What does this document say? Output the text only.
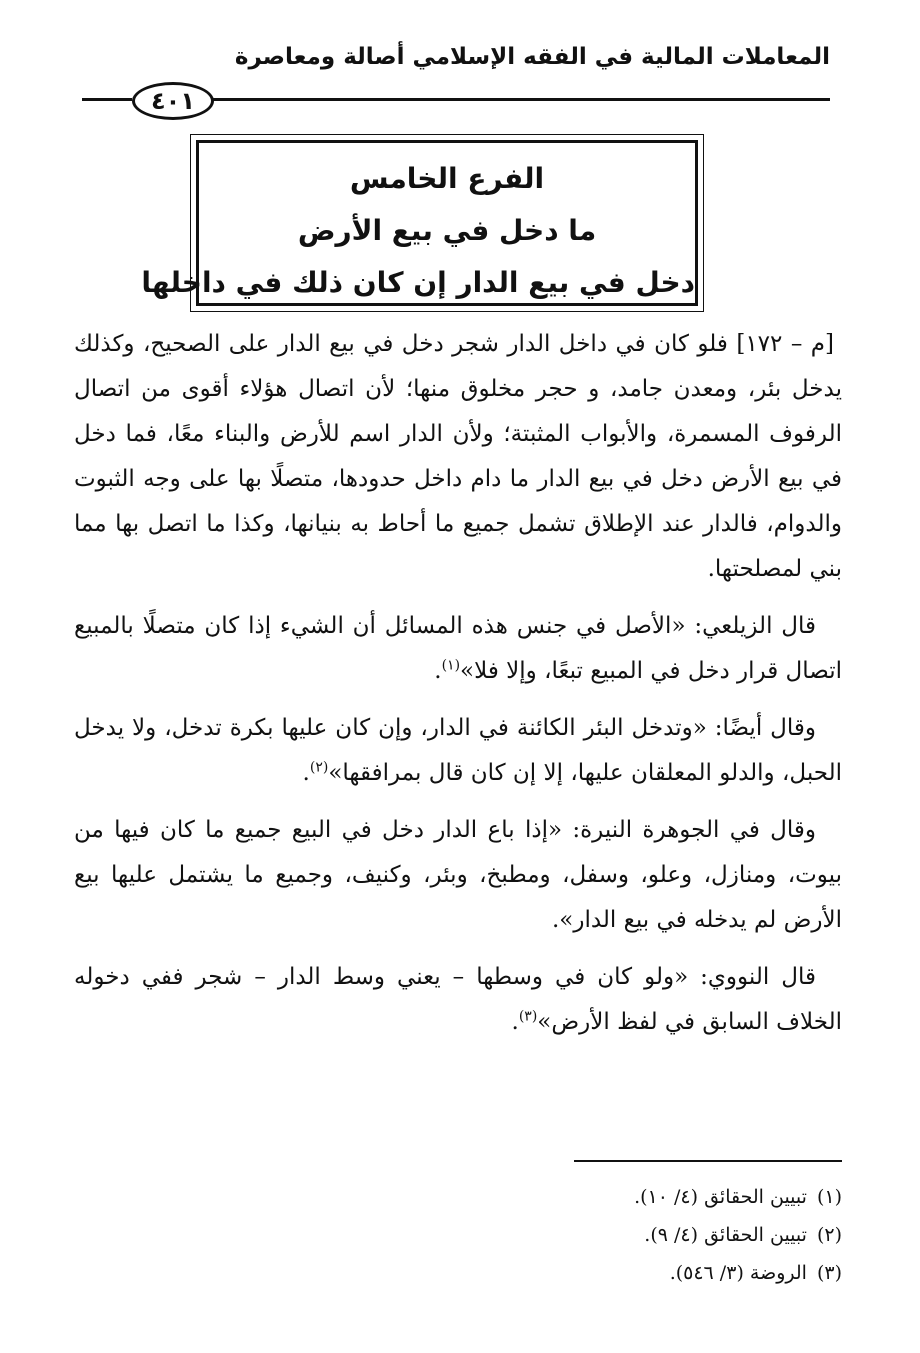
المعاملات المالية في الفقه الإسلامي أصالة ومعاصرة
٤٠١
الفرع الخامس
ما دخل في بيع الأرض
دخل في بيع الدار إن كان ذلك في داخلها

[م – ١٧٢] فلو كان في داخل الدار شجر دخل في بيع الدار على الصحيح، وكذلك يدخل بئر، ومعدن جامد، و حجر مخلوق منها؛ لأن اتصال هؤلاء أقوى من اتصال الرفوف المسمرة، والأبواب المثبتة؛ ولأن الدار اسم للأرض والبناء معًا، فما دخل في بيع الأرض دخل في بيع الدار ما دام داخل حدودها، متصلًا بها على وجه الثبوت والدوام، فالدار عند الإطلاق تشمل جميع ما أحاط به بنيانها، وكذا ما اتصل بها مما بني لمصلحتها.

قال الزيلعي: «الأصل في جنس هذه المسائل أن الشيء إذا كان متصلًا بالمبيع اتصال قرار دخل في المبيع تبعًا، وإلا فلا»$^{(١)}$.

وقال أيضًا: «وتدخل البئر الكائنة في الدار، وإن كان عليها بكرة تدخل، ولا يدخل الحبل، والدلو المعلقان عليها، إلا إن كان قال بمرافقها»$^{(٢)}$.

وقال في الجوهرة النيرة: «إذا باع الدار دخل في البيع جميع ما كان فيها من بيوت، ومنازل، وعلو، وسفل، ومطبخ، وبئر، وكنيف، وجميع ما يشتمل عليها بيع الأرض لم يدخله في بيع الدار».

قال النووي: «ولو كان في وسطها – يعني وسط الدار – شجر ففي دخوله الخلاف السابق في لفظ الأرض»$^{(٣)}$.

(١)تبيين الحقائق (٤/ ١٠).
(٢)تبيين الحقائق (٤/ ٩).
(٣)الروضة (٣/ ٥٤٦).
